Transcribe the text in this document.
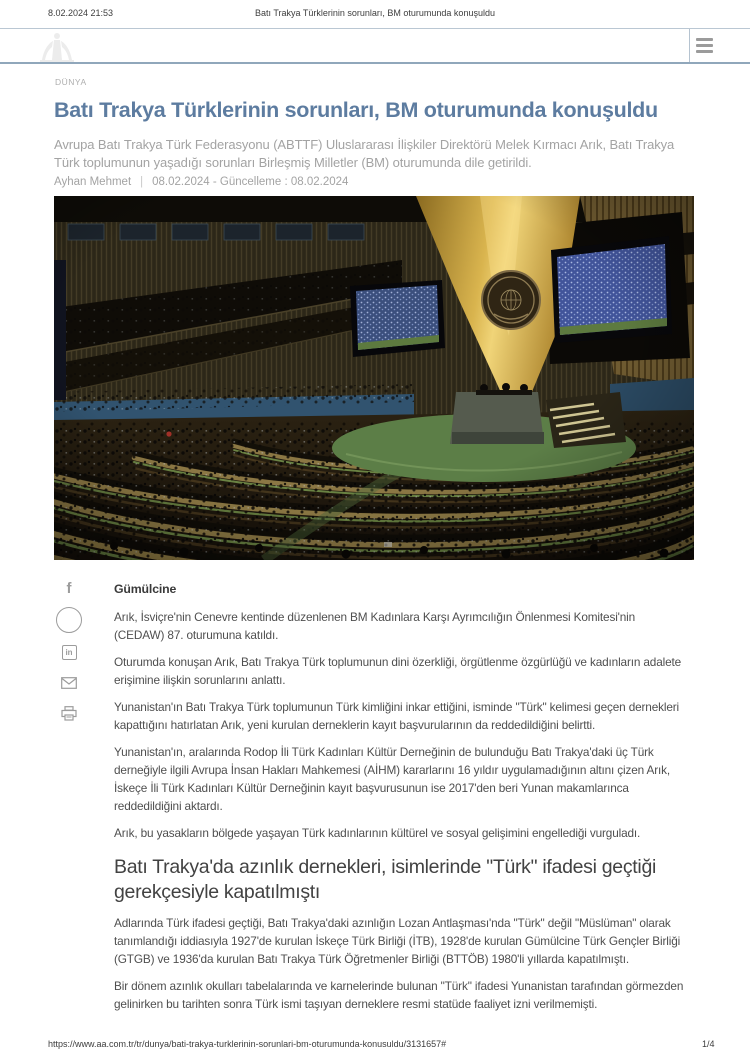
8.02.2024 21:53	Batı Trakya Türklerinin sorunları, BM oturumunda konuşuldu
DÜNYA
Batı Trakya Türklerinin sorunları, BM oturumunda konuşuldu

Avrupa Batı Trakya Türk Federasyonu (ABTTF) Uluslararası İlişkiler Direktörü Melek Kırmacı Arık, Batı Trakya Türk toplumunun yaşadığı sorunları Birleşmiş Milletler (BM) oturumunda dile getirildi.

Ayhan Mehmet | 08.02.2024 - Güncelleme : 08.02.2024
f
in

Gümülcine

Arık, İsviçre'nin Cenevre kentinde düzenlenen BM Kadınlara Karşı Ayrımcılığın Önlenmesi Komitesi'nin (CEDAW) 87. oturumuna katıldı.

Oturumda konuşan Arık, Batı Trakya Türk toplumunun dini özerkliği, örgütlenme özgürlüğü ve kadınların adalete erişimine ilişkin sorunlarını anlattı.

Yunanistan'ın Batı Trakya Türk toplumunun Türk kimliğini inkar ettiğini, isminde "Türk" kelimesi geçen dernekleri kapattığını hatırlatan Arık, yeni kurulan derneklerin kayıt başvurularının da reddedildiğini belirtti.

Yunanistan'ın, aralarında Rodop İli Türk Kadınları Kültür Derneğinin de bulunduğu Batı Trakya'daki üç Türk derneğiyle ilgili Avrupa İnsan Hakları Mahkemesi (AİHM) kararlarını 16 yıldır uygulamadığının altını çizen Arık, İskeçe İli Türk Kadınları Kültür Derneğinin kayıt başvurusunun ise 2017'den beri Yunan makamlarınca reddedildiğini aktardı.

Arık, bu yasakların bölgede yaşayan Türk kadınlarının kültürel ve sosyal gelişimini engellediği vurguladı.

Batı Trakya'da azınlık dernekleri, isimlerinde "Türk" ifadesi geçtiği gerekçesiyle kapatılmıştı

Adlarında Türk ifadesi geçtiği, Batı Trakya'daki azınlığın Lozan Antlaşması'nda "Türk" değil "Müslüman" olarak tanımlandığı iddiasıyla 1927'de kurulan İskeçe Türk Birliği (İTB), 1928'de kurulan Gümülcine Türk Gençler Birliği (GTGB) ve 1936'da kurulan Batı Trakya Türk Öğretmenler Birliği (BTTÖB) 1980'li yıllarda kapatılmıştı.

Bir dönem azınlık okulları tabelalarında ve karnelerinde bulunan "Türk" ifadesi Yunanistan tarafından görmezden gelinirken bu tarihten sonra Türk ismi taşıyan derneklere resmi statüde faaliyet izni verilmemişti.

https://www.aa.com.tr/tr/dunya/bati-trakya-turklerinin-sorunlari-bm-oturumunda-konusuldu/3131657#	1/4
